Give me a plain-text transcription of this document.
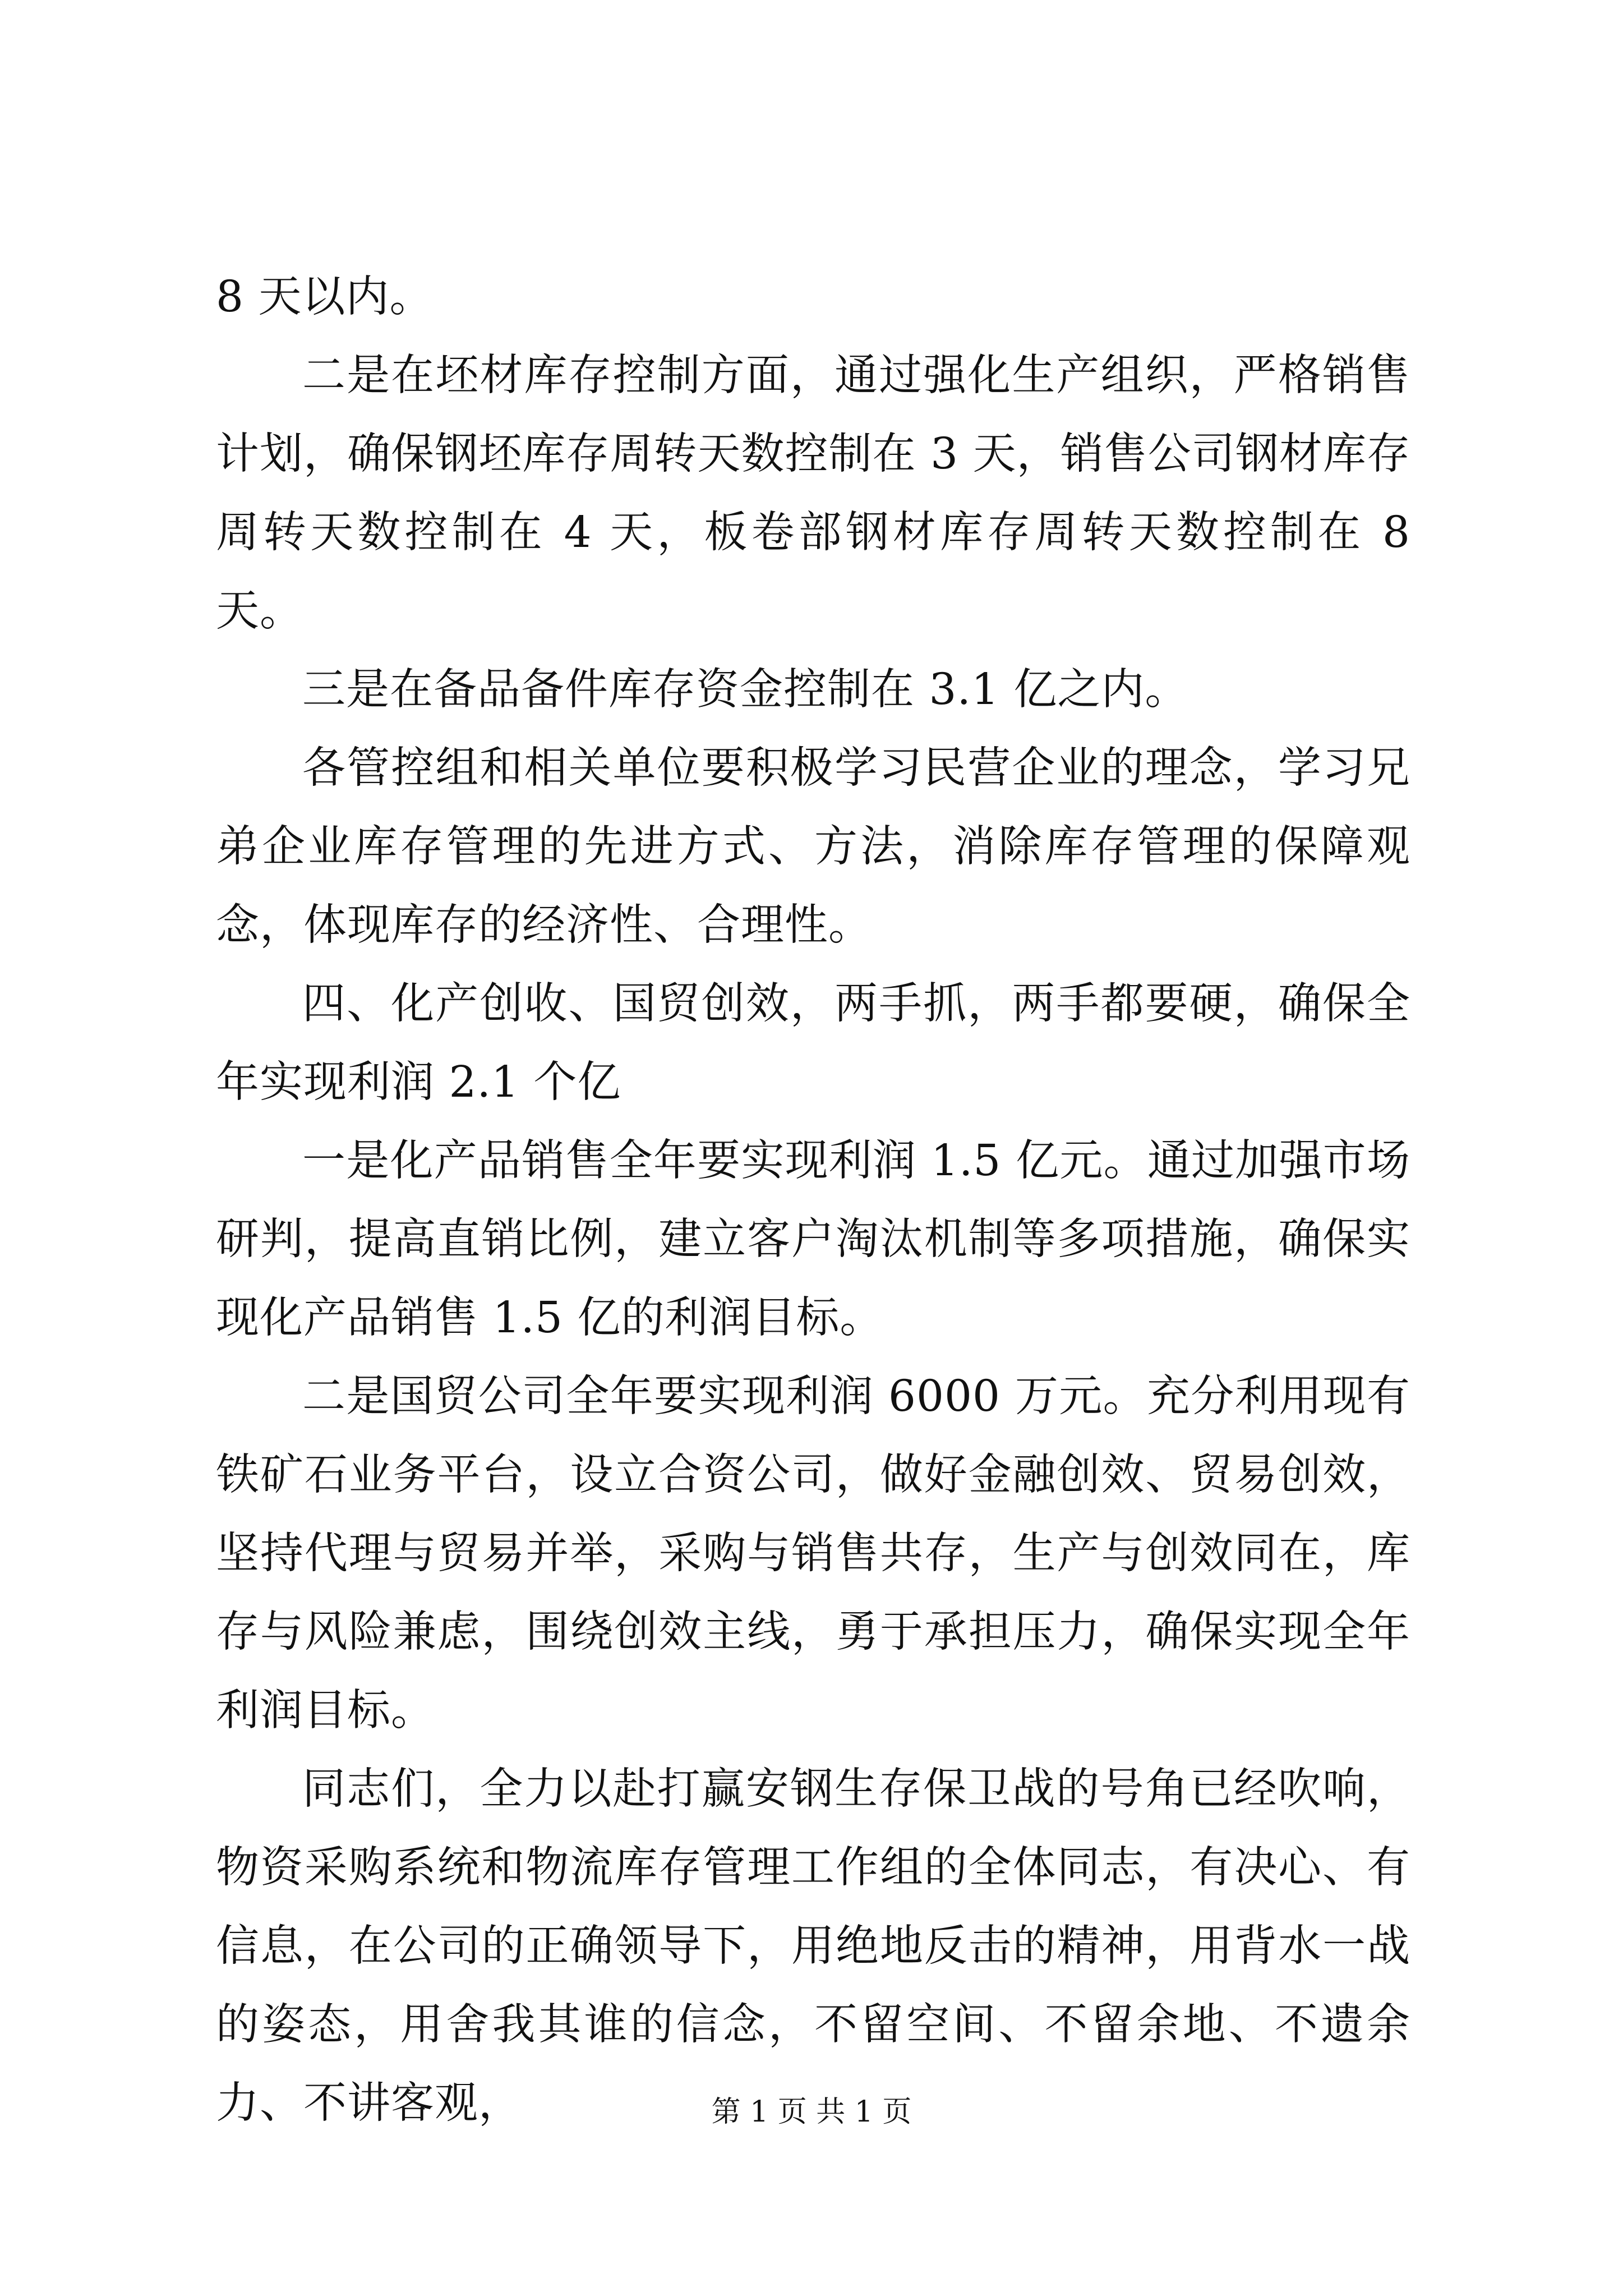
8 天以内。

二是在坯材库存控制方面，通过强化生产组织，严格销售计划，确保钢坯库存周转天数控制在 3 天，销售公司钢材库存周转天数控制在 4 天，板卷部钢材库存周转天数控制在 8 天。

三是在备品备件库存资金控制在 3.1 亿之内。

各管控组和相关单位要积极学习民营企业的理念，学习兄弟企业库存管理的先进方式、方法，消除库存管理的保障观念，体现库存的经济性、合理性。

四、化产创收、国贸创效，两手抓，两手都要硬，确保全年实现利润 2.1 个亿

一是化产品销售全年要实现利润 1.5 亿元。通过加强市场研判，提高直销比例，建立客户淘汰机制等多项措施，确保实现化产品销售 1.5 亿的利润目标。

二是国贸公司全年要实现利润 6000 万元。充分利用现有铁矿石业务平台，设立合资公司，做好金融创效、贸易创效，坚持代理与贸易并举，采购与销售共存，生产与创效同在，库存与风险兼虑，围绕创效主线，勇于承担压力，确保实现全年利润目标。

同志们，全力以赴打赢安钢生存保卫战的号角已经吹响，物资采购系统和物流库存管理工作组的全体同志，有决心、有信息，在公司的正确领导下，用绝地反击的精神，用背水一战的姿态，用舍我其谁的信念，不留空间、不留余地、不遗余力、不讲客观，	第 1 页 共 1 页
